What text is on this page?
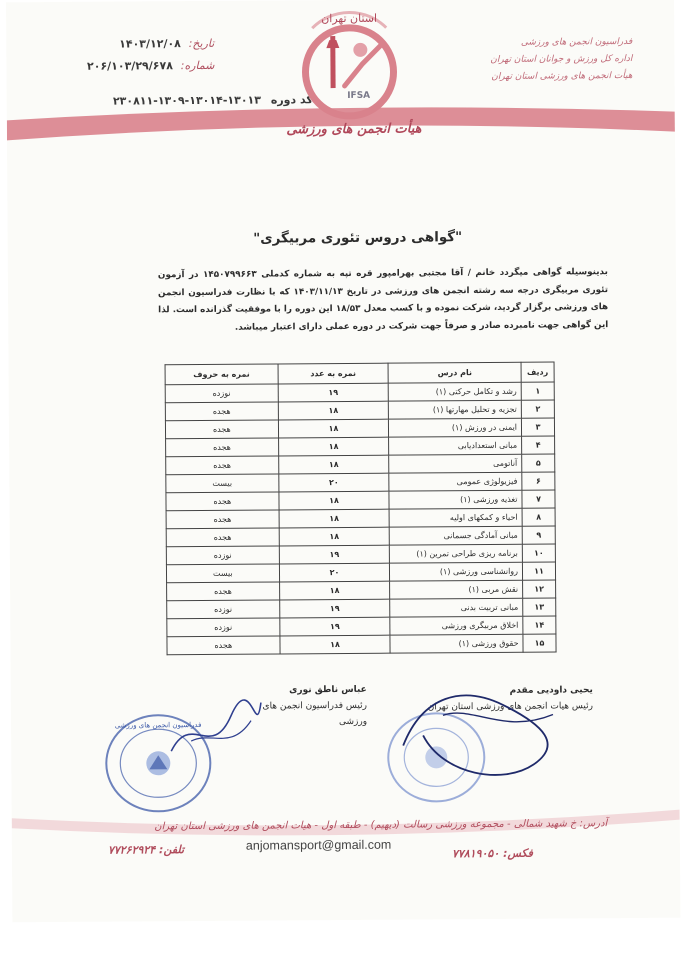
تاریخ: ۱۴۰۳/۱۲/۰۸
شماره: ۲۰۶/۱۰۳/۲۹/۶۷۸
کد دوره ۱۳۰۱۳-۱۳۰۱۴-۱۳۰۹-۲۳۰۸۱۱
فدراسیون انجمن های ورزشی
اداره کل ورزش و جوانان استان تهران
هیأت انجمن های ورزشی استان تهران
استان تهران
IFSA
هیأت انجمن های ورزشی
"گواهی دروس تئوری مربیگری"
بدینوسیله گواهی میگردد خانم / آقا مجتبی بهرامپور قره تپه به شماره کدملی ۱۴۵۰۷۹۹۶۶۳ در آزمون تئوری مربیگری درجه سه رشته انجمن های ورزشی در تاریخ ۱۴۰۳/۱۱/۱۳ که با نظارت فدراسیون انجمن های ورزشی برگزار گردید، شرکت نموده و با کسب معدل ۱۸/۵۳ این دوره را با موفقیت گذرانده است. لذا این گواهی جهت نامبرده صادر و صرفاً جهت شرکت در دوره عملی دارای اعتبار میباشد.
ردیف	نام درس	نمره به عدد	نمره به حروف
۱	رشد و تکامل حرکتی (۱)	۱۹	نوزده
۲	تجزیه و تحلیل مهارتها (۱)	۱۸	هجده
۳	ایمنی در ورزش (۱)	۱۸	هجده
۴	مبانی استعدادیابی	۱۸	هجده
۵	آناتومی	۱۸	هجده
۶	فیزیولوژی عمومی	۲۰	بیست
۷	تغذیه ورزشی (۱)	۱۸	هجده
۸	احیاء و کمکهای اولیه	۱۸	هجده
۹	مبانی آمادگی جسمانی	۱۸	هجده
۱۰	برنامه ریزی طراحی تمرین (۱)	۱۹	نوزده
۱۱	روانشناسی ورزشی (۱)	۲۰	بیست
۱۲	نقش مربی (۱)	۱۸	هجده
۱۳	مبانی تربیت بدنی	۱۹	نوزده
۱۴	اخلاق مربیگری ورزشی	۱۹	نوزده
۱۵	حقوق ورزشی (۱)	۱۸	هجده
عباس ناطق نوری
رئیس فدراسیون انجمن های ورزشی
یحیی داودیی مقدم
رئیس هیات انجمن های ورزشی استان تهران
فدراسیون انجمن های ورزشی
آدرس: خ شهید شمالی - مجموعه ورزشی رسالت (دیهیم) - طبقه اول - هیات انجمن های ورزشی استان تهران
anjomansport@gmail.com
تلفن: ۷۷۲۶۲۹۲۴	فکس: ۷۷۸۱۹۰۵۰
